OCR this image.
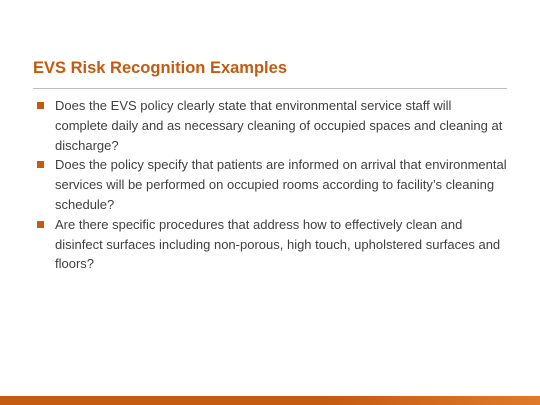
EVS Risk Recognition Examples
Does the EVS policy clearly state that environmental service staff will complete daily and as necessary cleaning of occupied spaces and cleaning at discharge?
Does the policy specify that patients are informed on arrival that environmental services will be performed on occupied rooms according to facility’s cleaning schedule?
Are there specific procedures that address how to effectively clean and disinfect surfaces including non-porous, high touch, upholstered surfaces and floors?
